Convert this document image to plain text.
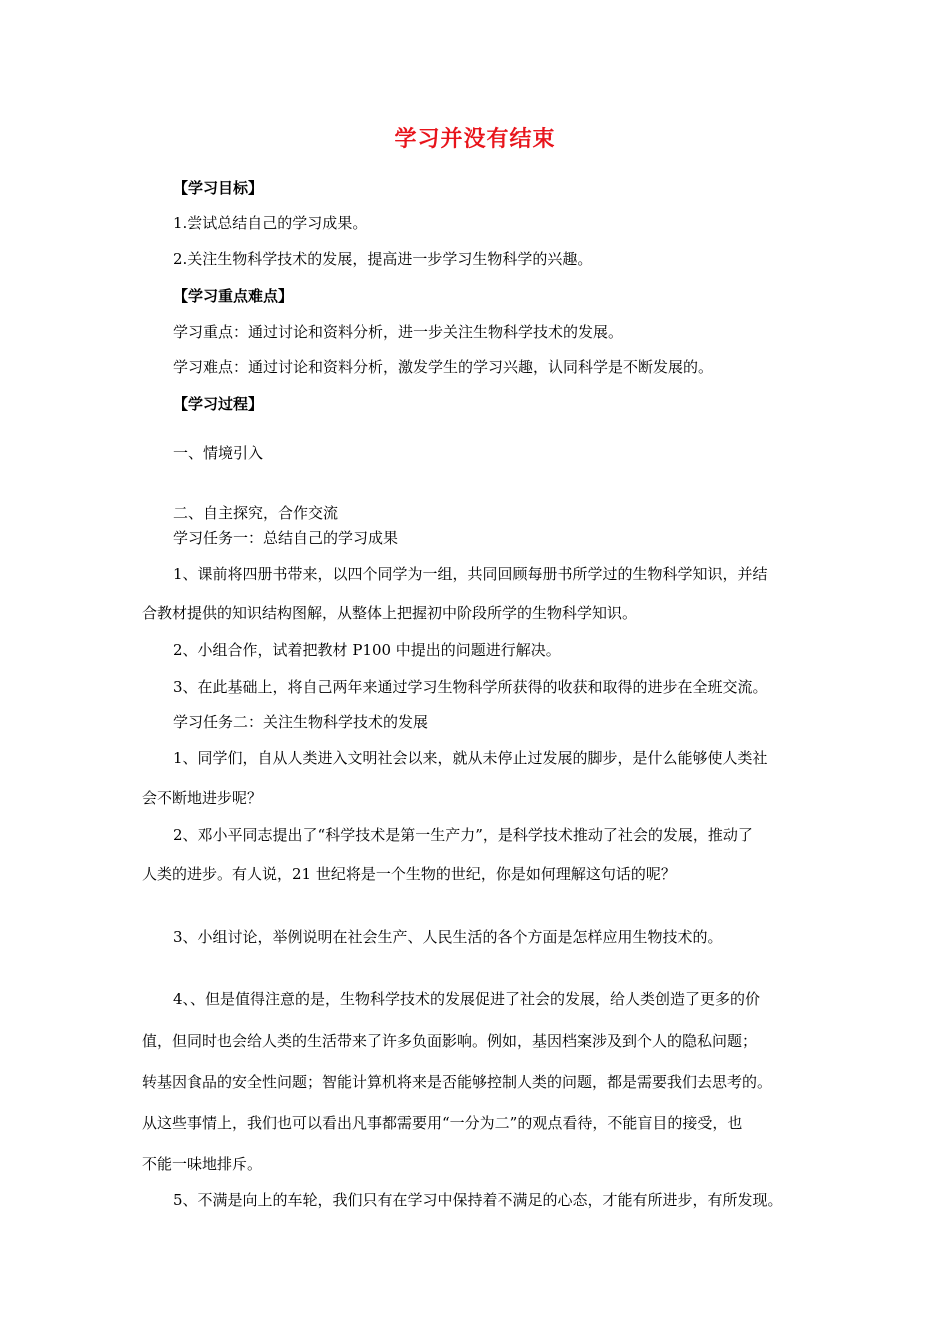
学习并没有结束
【学习目标】
1.尝试总结自己的学习成果。
2.关注生物科学技术的发展，提高进一步学习生物科学的兴趣。
【学习重点难点】
学习重点：通过讨论和资料分析，进一步关注生物科学技术的发展。
学习难点：通过讨论和资料分析，激发学生的学习兴趣，认同科学是不断发展的。
【学习过程】
一、情境引入
二、自主探究，合作交流
学习任务一：总结自己的学习成果
1、课前将四册书带来，以四个同学为一组，共同回顾每册书所学过的生物科学知识，并结
合教材提供的知识结构图解，从整体上把握初中阶段所学的生物科学知识。
2、小组合作，试着把教材 P100 中提出的问题进行解决。
3、在此基础上，将自己两年来通过学习生物科学所获得的收获和取得的进步在全班交流。
学习任务二：关注生物科学技术的发展
1、同学们，自从人类进入文明社会以来，就从未停止过发展的脚步，是什么能够使人类社
会不断地进步呢？
2、邓小平同志提出了“科学技术是第一生产力”，是科学技术推动了社会的发展，推动了
人类的进步。有人说，21 世纪将是一个生物的世纪，你是如何理解这句话的呢？
3、小组讨论，举例说明在社会生产、人民生活的各个方面是怎样应用生物技术的。
4、、但是值得注意的是，生物科学技术的发展促进了社会的发展，给人类创造了更多的价
值，但同时也会给人类的生活带来了许多负面影响。例如，基因档案涉及到个人的隐私问题；
转基因食品的安全性问题；智能计算机将来是否能够控制人类的问题，都是需要我们去思考的。
从这些事情上，我们也可以看出凡事都需要用“一分为二”的观点看待，不能盲目的接受，也
不能一味地排斥。
5、不满是向上的车轮，我们只有在学习中保持着不满足的心态，才能有所进步，有所发现。
